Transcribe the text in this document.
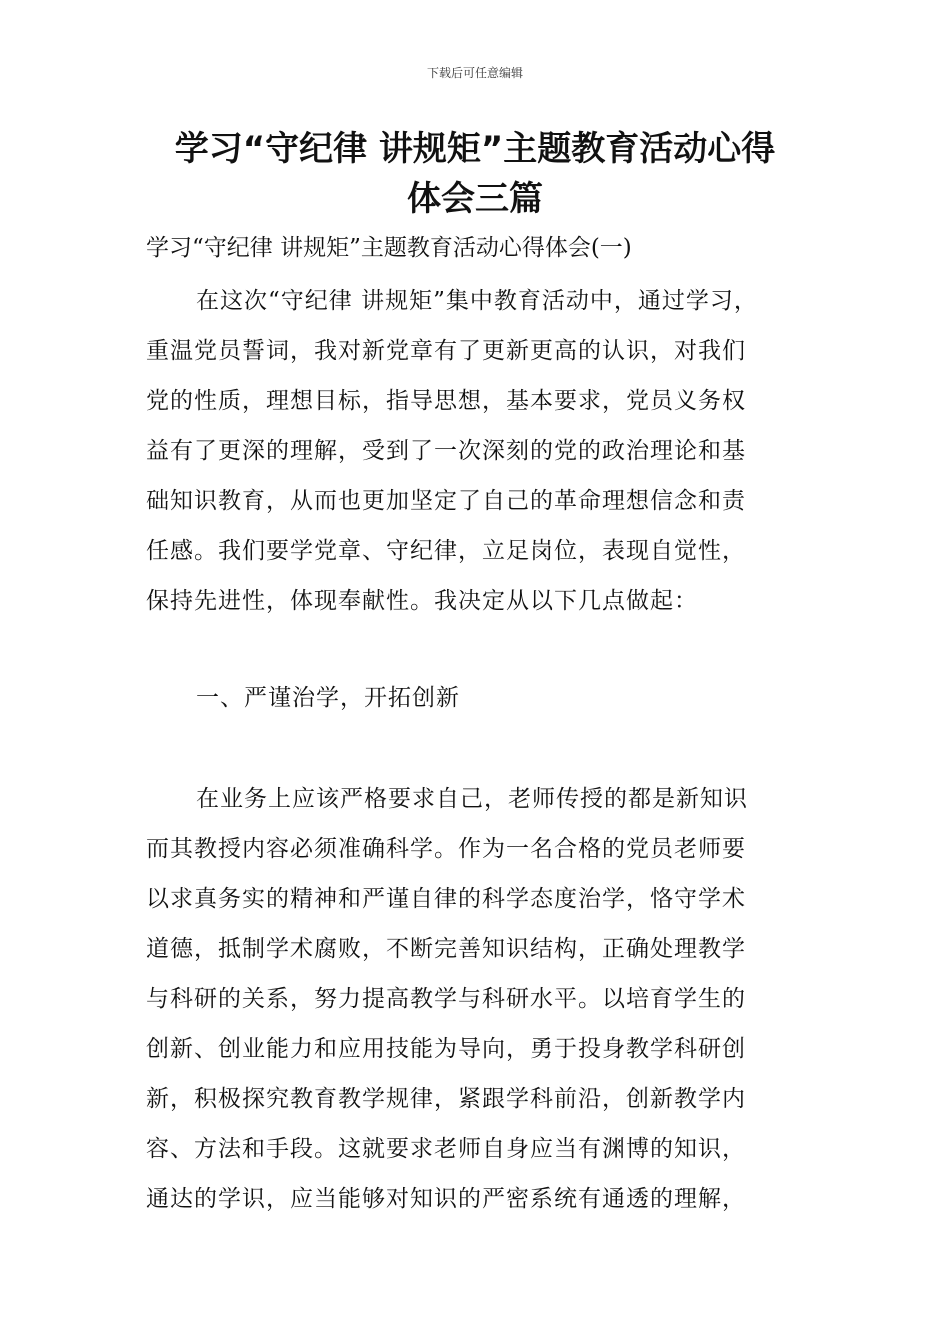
下载后可任意编辑
学习“守纪律 讲规矩”主题教育活动心得
体会三篇
学习“守纪律 讲规矩”主题教育活动心得体会(一)
在这次“守纪律 讲规矩”集中教育活动中，通过学习，
重温党员誓词，我对新党章有了更新更高的认识，对我们
党的性质，理想目标，指导思想，基本要求，党员义务权
益有了更深的理解，受到了一次深刻的党的政治理论和基
础知识教育，从而也更加坚定了自己的革命理想信念和责
任感。我们要学党章、守纪律，立足岗位，表现自觉性，
保持先进性，体现奉献性。我决定从以下几点做起：
一、严谨治学，开拓创新
在业务上应该严格要求自己，老师传授的都是新知识
而其教授内容必须准确科学。作为一名合格的党员老师要
以求真务实的精神和严谨自律的科学态度治学，恪守学术
道德，抵制学术腐败，不断完善知识结构，正确处理教学
与科研的关系，努力提高教学与科研水平。以培育学生的
创新、创业能力和应用技能为导向，勇于投身教学科研创
新，积极探究教育教学规律，紧跟学科前沿，创新教学内
容、方法和手段。这就要求老师自身应当有渊博的知识，
通达的学识，应当能够对知识的严密系统有通透的理解，
